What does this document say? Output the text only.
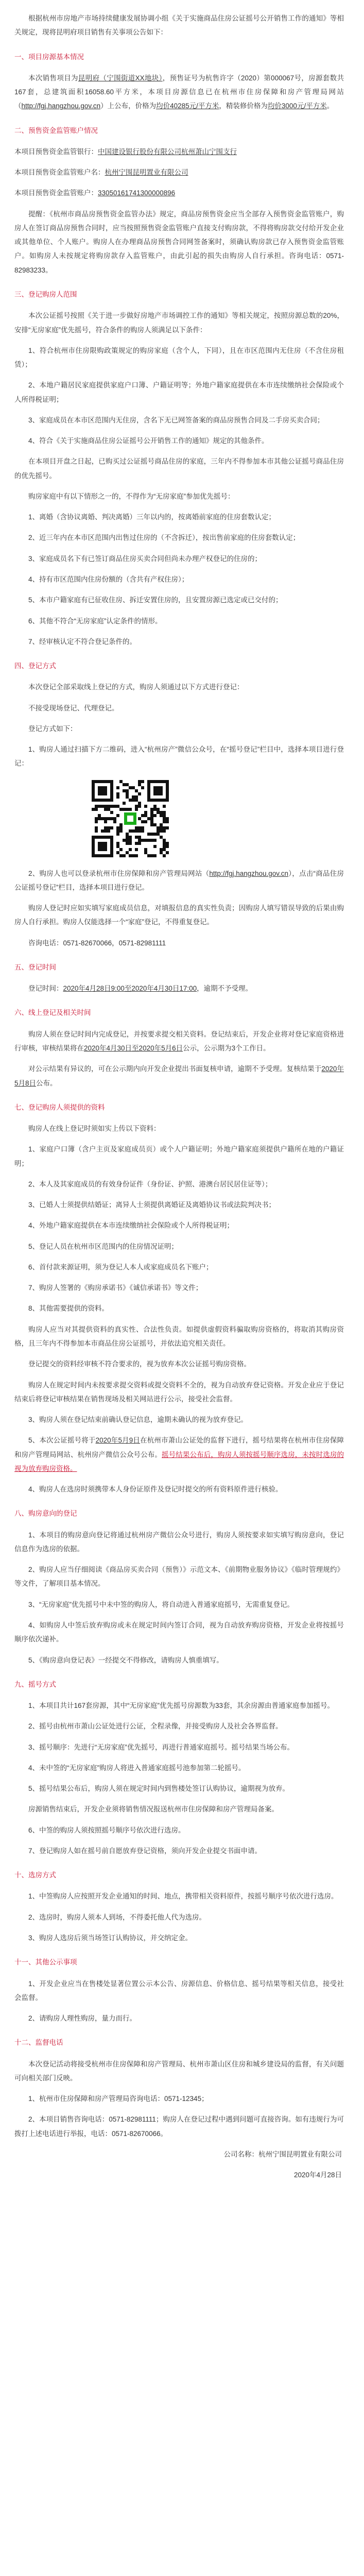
根据杭州市房地产市场持续健康发展协调小组《关于实施商品住房公证摇号公开销售工作的通知》等相关规定，现将昆明府项目销售有关事项公告如下：

一、项目房源基本情况

本次销售项目为昆明府（宁围街道XX地块），预售证号为杭售许字（2020）第000067号，房源套数共167套，总建筑面积16058.60平方米，本项目房源信息已在杭州市住房保障和房产管理局网站（http://fgj.hangzhou.gov.cn）上公布，价格为均价40285元/平方米，精装修价格为均价3000元/平方米。

二、预售资金监管账户情况

本项目预售资金监管银行：中国建设银行股份有限公司杭州萧山宁围支行

本项目预售资金监管账户名：杭州宁围昆明置业有限公司

本项目预售资金监管账户：33050161741300000896

提醒：《杭州市商品房预售资金监管办法》规定，商品房预售资金应当全部存入预售资金监管账户，购房人在签订商品房预售合同时，应当按照预售资金监管账户直接支付购房款，不得将购房款交付给开发企业或其他单位、个人账户。购房人在办理商品房预售合同网签备案时，须确认购房款已存入预售资金监管账户。如购房人未按规定将购房款存入监管账户，由此引起的损失由购房人自行承担。咨询电话：0571-82983233。

三、登记购房人范围

本次公证摇号按照《关于进一步做好房地产市场调控工作的通知》等相关规定，按照房源总数的20%，安排“无房家庭”优先摇号，符合条件的购房人须满足以下条件：

1、符合杭州市住房限购政策规定的购房家庭（含个人，下同），且在市区范围内无住房（不含住房租赁）；

2、本地户籍居民家庭提供家庭户口簿、户籍证明等；外地户籍家庭提供在本市连续缴纳社会保险或个人所得税证明；

3、家庭成员在本市区范围内无住房，含名下无已网签备案的商品房预售合同及二手房买卖合同；

4、符合《关于实施商品住房公证摇号公开销售工作的通知》规定的其他条件。

在本项目开盘之日起，已购买过公证摇号商品住房的家庭，三年内不得参加本市其他公证摇号商品住房的优先摇号。

购房家庭中有以下情形之一的，不得作为“无房家庭”参加优先摇号：

1、离婚（含协议离婚、判决离婚）三年以内的，按离婚前家庭的住房套数认定；

2、近三年内在本市区范围内出售过住房的（不含拆迁），按出售前家庭的住房套数认定；

3、家庭成员名下有已签订商品住房买卖合同但尚未办理产权登记的住房的；

4、持有市区范围内住房份额的（含共有产权住房）；

5、本市户籍家庭有已征收住房、拆迁安置住房的，且安置房源已选定或已交付的；

6、其他不符合“无房家庭”认定条件的情形。

7、经审核认定不符合登记条件的。

四、登记方式

本次登记全部采取线上登记的方式，购房人须通过以下方式进行登记：

不接受现场登记、代理登记。

登记方式如下：

1、购房人通过扫描下方二维码，进入“杭州房产”微信公众号，在“摇号登记”栏目中，选择本项目进行登记：

2、购房人也可以登录杭州市住房保障和房产管理局网站（http://fgj.hangzhou.gov.cn），点击“商品住房公证摇号登记”栏目，选择本项目进行登记。

购房人登记时应如实填写家庭成员信息，对填报信息的真实性负责；因购房人填写错误导致的后果由购房人自行承担。购房人仅能选择一个“家庭”登记，不得重复登记。

咨询电话：0571-82670066，0571-82981111

五、登记时间

登记时间：2020年4月28日9:00至2020年4月30日17:00，逾期不予受理。

六、线上登记及相关时间

购房人须在登记时间内完成登记，并按要求提交相关资料。登记结束后，开发企业将对登记家庭资格进行审核，审核结果将在2020年4月30日至2020年5月6日公示，公示期为3个工作日。

对公示结果有异议的，可在公示期内向开发企业提出书面复核申请，逾期不予受理。复核结果于2020年5月8日公布。

七、登记购房人须提供的资料

购房人在线上登记时须如实上传以下资料：

1、家庭户口簿（含户主页及家庭成员页）或个人户籍证明；外地户籍家庭须提供户籍所在地的户籍证明；

2、本人及其家庭成员的有效身份证件（身份证、护照、港澳台居民居住证等）；

3、已婚人士须提供结婚证；离异人士须提供离婚证及离婚协议书或法院判决书；

4、外地户籍家庭提供在本市连续缴纳社会保险或个人所得税证明；

5、登记人员在杭州市区范围内的住房情况证明；

6、首付款来源证明，须为登记人本人或家庭成员名下账户；

7、购房人签署的《购房承诺书》《诚信承诺书》等文件；

8、其他需要提供的资料。

购房人应当对其提供资料的真实性、合法性负责。如提供虚假资料骗取购房资格的，将取消其购房资格，且三年内不得参加本市商品住房公证摇号，并依法追究相关责任。

登记提交的资料经审核不符合要求的，视为放弃本次公证摇号购房资格。

购房人在规定时间内未按要求提交资料或提交资料不全的，视为自动放弃登记资格。开发企业应于登记结束后将登记审核结果在销售现场及相关网站进行公示，接受社会监督。

3、购房人须在登记结束前确认登记信息，逾期未确认的视为放弃登记。

5、本次公证摇号将于2020年5月9日在杭州市萧山公证处的监督下进行，摇号结果将在杭州市住房保障和房产管理局网站、杭州房产微信公众号公布。摇号结果公布后，购房人须按摇号顺序选房，未按时选房的视为放弃购房资格。

4、购房人在选房时须携带本人身份证原件及登记时提交的所有资料原件进行核验。

八、购房意向的登记

1、本项目的购房意向登记将通过杭州房产微信公众号进行，购房人须按要求如实填写购房意向，登记信息作为选房的依据。

2、购房人应当仔细阅读《商品房买卖合同（预售）》示范文本、《前期物业服务协议》《临时管理规约》等文件，了解项目基本情况。

3、“无房家庭”优先摇号中未中签的购房人，将自动进入普通家庭摇号，无需重复登记。

4、如购房人中签后放弃购房或未在规定时间内签订合同，视为自动放弃购房资格，开发企业将按摇号顺序依次递补。

5、《购房意向登记表》一经提交不得修改，请购房人慎重填写。

九、摇号方式

1、本项目共计167套房源，其中“无房家庭”优先摇号房源数为33套，其余房源由普通家庭参加摇号。

2、摇号由杭州市萧山公证处进行公证，全程录像，并接受购房人及社会各界监督。

3、摇号顺序：先进行“无房家庭”优先摇号，再进行普通家庭摇号。摇号结果当场公布。

4、未中签的“无房家庭”购房人将进入普通家庭摇号池参加第二轮摇号。

5、摇号结果公布后，购房人须在规定时间内到售楼处签订认购协议，逾期视为放弃。

房源销售结束后，开发企业须将销售情况报送杭州市住房保障和房产管理局备案。

6、中签的购房人须按照摇号顺序号依次进行选房。

7、登记购房人如在摇号前自愿放弃登记资格，须向开发企业提交书面申请。

十、选房方式

1、中签购房人应按照开发企业通知的时间、地点，携带相关资料原件，按摇号顺序号依次进行选房。

2、选房时，购房人须本人到场，不得委托他人代为选房。

3、购房人选房后须当场签订认购协议，并交纳定金。

十一、其他公示事项

1、开发企业应当在售楼处显著位置公示本公告、房源信息、价格信息、摇号结果等相关信息，接受社会监督。

2、请购房人理性购房，量力而行。

十二、监督电话

本次登记活动将接受杭州市住房保障和房产管理局、杭州市萧山区住房和城乡建设局的监督，有关问题可向相关部门反映。

1、杭州市住房保障和房产管理局咨询电话：0571-12345；

2、本项目销售咨询电话：0571-82981111；购房人在登记过程中遇到问题可直接咨询。如有违规行为可拨打上述电话进行举报，电话：0571-82670066。

公司名称：杭州宁围昆明置业有限公司

2020年4月28日
